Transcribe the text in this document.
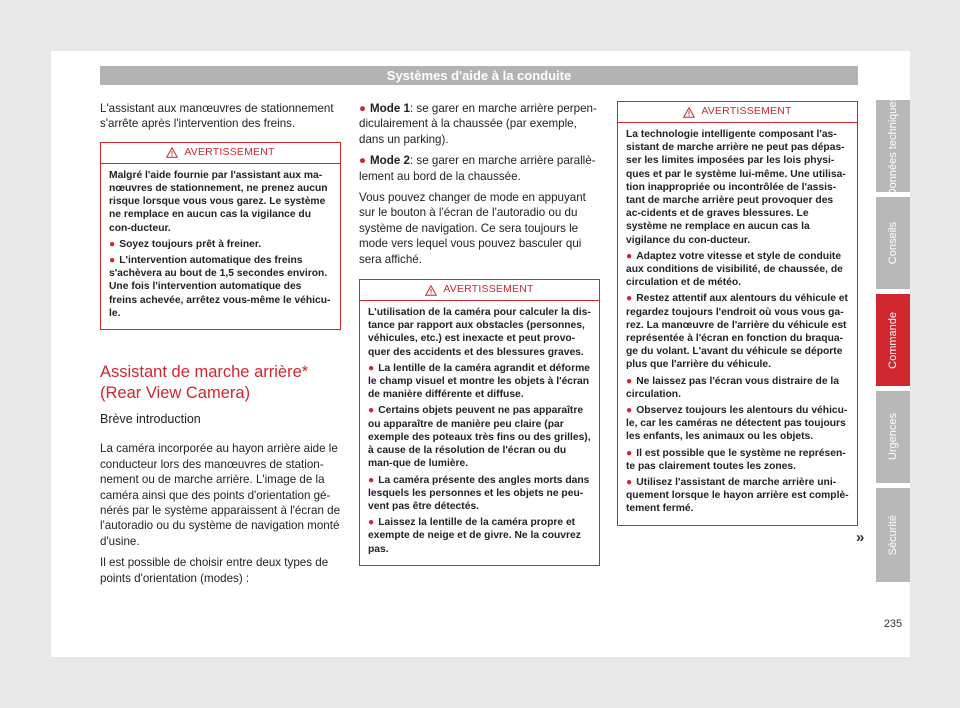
Systèmes d'aide à la conduite

L'assistant aux manœuvres de stationnement s'arrête après l'intervention des freins.

AVERTISSEMENT

Malgré l'aide fournie par l'assistant aux ma-nœuvres de stationnement, ne prenez aucun risque lorsque vous vous garez. Le système ne remplace en aucun cas la vigilance du con-ducteur.

● Soyez toujours prêt à freiner.

● L'intervention automatique des freins s'achèvera au bout de 1,5 secondes environ. Une fois l'intervention automatique des freins achevée, arrêtez vous-même le véhicu-le.

Assistant de marche arrière* (Rear View Camera)
Brève introduction

La caméra incorporée au hayon arrière aide le conducteur lors des manœuvres de station-nement ou de marche arrière. L'image de la caméra ainsi que des points d'orientation gé-nérés par le système apparaissent à l'écran de l'autoradio ou du système de navigation monté d'usine.

Il est possible de choisir entre deux types de points d'orientation (modes) :

● Mode 1: se garer en marche arrière perpen-diculairement à la chaussée (par exemple, dans un parking).

● Mode 2: se garer en marche arrière parallè-lement au bord de la chaussée.

Vous pouvez changer de mode en appuyant sur le bouton à l'écran de l'autoradio ou du système de navigation. Ce sera toujours le mode vers lequel vous pouvez basculer qui sera affiché.

AVERTISSEMENT

L'utilisation de la caméra pour calculer la dis-tance par rapport aux obstacles (personnes, véhicules, etc.) est inexacte et peut provo-quer des accidents et des blessures graves.

● La lentille de la caméra agrandit et déforme le champ visuel et montre les objets à l'écran de manière différente et diffuse.

● Certains objets peuvent ne pas apparaître ou apparaître de manière peu claire (par exemple des poteaux très fins ou des grilles), à cause de la résolution de l'écran ou du man-que de lumière.

● La caméra présente des angles morts dans lesquels les personnes et les objets ne peu-vent pas être détectés.

● Laissez la lentille de la caméra propre et exempte de neige et de givre. Ne la couvrez pas.

AVERTISSEMENT

La technologie intelligente composant l'as-sistant de marche arrière ne peut pas dépas-ser les limites imposées par les lois physi-ques et par le système lui-même. Une utilisa-tion inappropriée ou incontrôlée de l'assis-tant de marche arrière peut provoquer des ac-cidents et de graves blessures. Le système ne remplace en aucun cas la vigilance du con-ducteur.

● Adaptez votre vitesse et style de conduite aux conditions de visibilité, de chaussée, de circulation et de météo.

● Restez attentif aux alentours du véhicule et regardez toujours l'endroit où vous vous ga-rez. La manœuvre de l'arrière du véhicule est représentée à l'écran en fonction du braqua-ge du volant. L'avant du véhicule se déporte plus que l'arrière du véhicule.

● Ne laissez pas l'écran vous distraire de la circulation.

● Observez toujours les alentours du véhicu-le, car les caméras ne détectent pas toujours les enfants, les animaux ou les objets.

● Il est possible que le système ne représen-te pas clairement toutes les zones.

● Utilisez l'assistant de marche arrière uni-quement lorsque le hayon arrière est complè-tement fermé.

»
Données techniques
Conseils
Commande
Urgences
Sécurité
235
